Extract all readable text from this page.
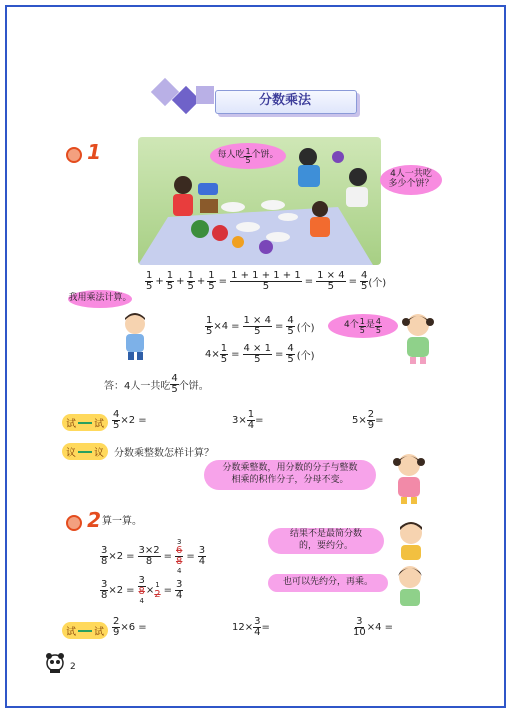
分数乘法
1	每人吃 $\frac{1}{5}$ 个饼。
4人一共吃
多少个饼？
$\frac{1}{5} + \frac{1}{5} + \frac{1}{5} + \frac{1}{5} = \frac{1 + 1 + 1 + 1}{5} = \frac{1 \times 4}{5} = \frac{4}{5}$ (个)
我用乘法计算。
$\frac{1}{5} \times 4 = \frac{1 \times 4}{5} = \frac{4}{5}$ (个)
$4\times \frac{1}{5} = \frac{4 \times 1}{5} = \frac{4}{5}$ (个)
4个 $\frac{1}{5}$ 是 $\frac{4}{5}$
答：4人一共吃 $\frac{4}{5}$ 个饼。
试 试 $\frac{4}{5} \times 2$ =	$3\times \frac{1}{4}$ =	$5\times \frac{2}{9}$ =
议 议 分数乘整数怎样计算？
分数乘整数，用分数的分子与整数
相乘的积作分子，分母不变。
2 算一算。
$\frac{3}{8} \times 2 = \frac{3\times 2}{8}$ =
3
$\frac{6}{8}$
4
= $\frac{3}{4}$
$\frac{3}{8} \times 2 = \frac{3}{8}$
4
× 1
$2 = \frac{3}{4}$
结果不是最简分数
的，要约分。
也可以先约分，再乘。
试 试 $\frac{2}{9} \times 6$ =	$12\times \frac{3}{4}$ =	$\frac{3}{10} \times 4$ =
2
